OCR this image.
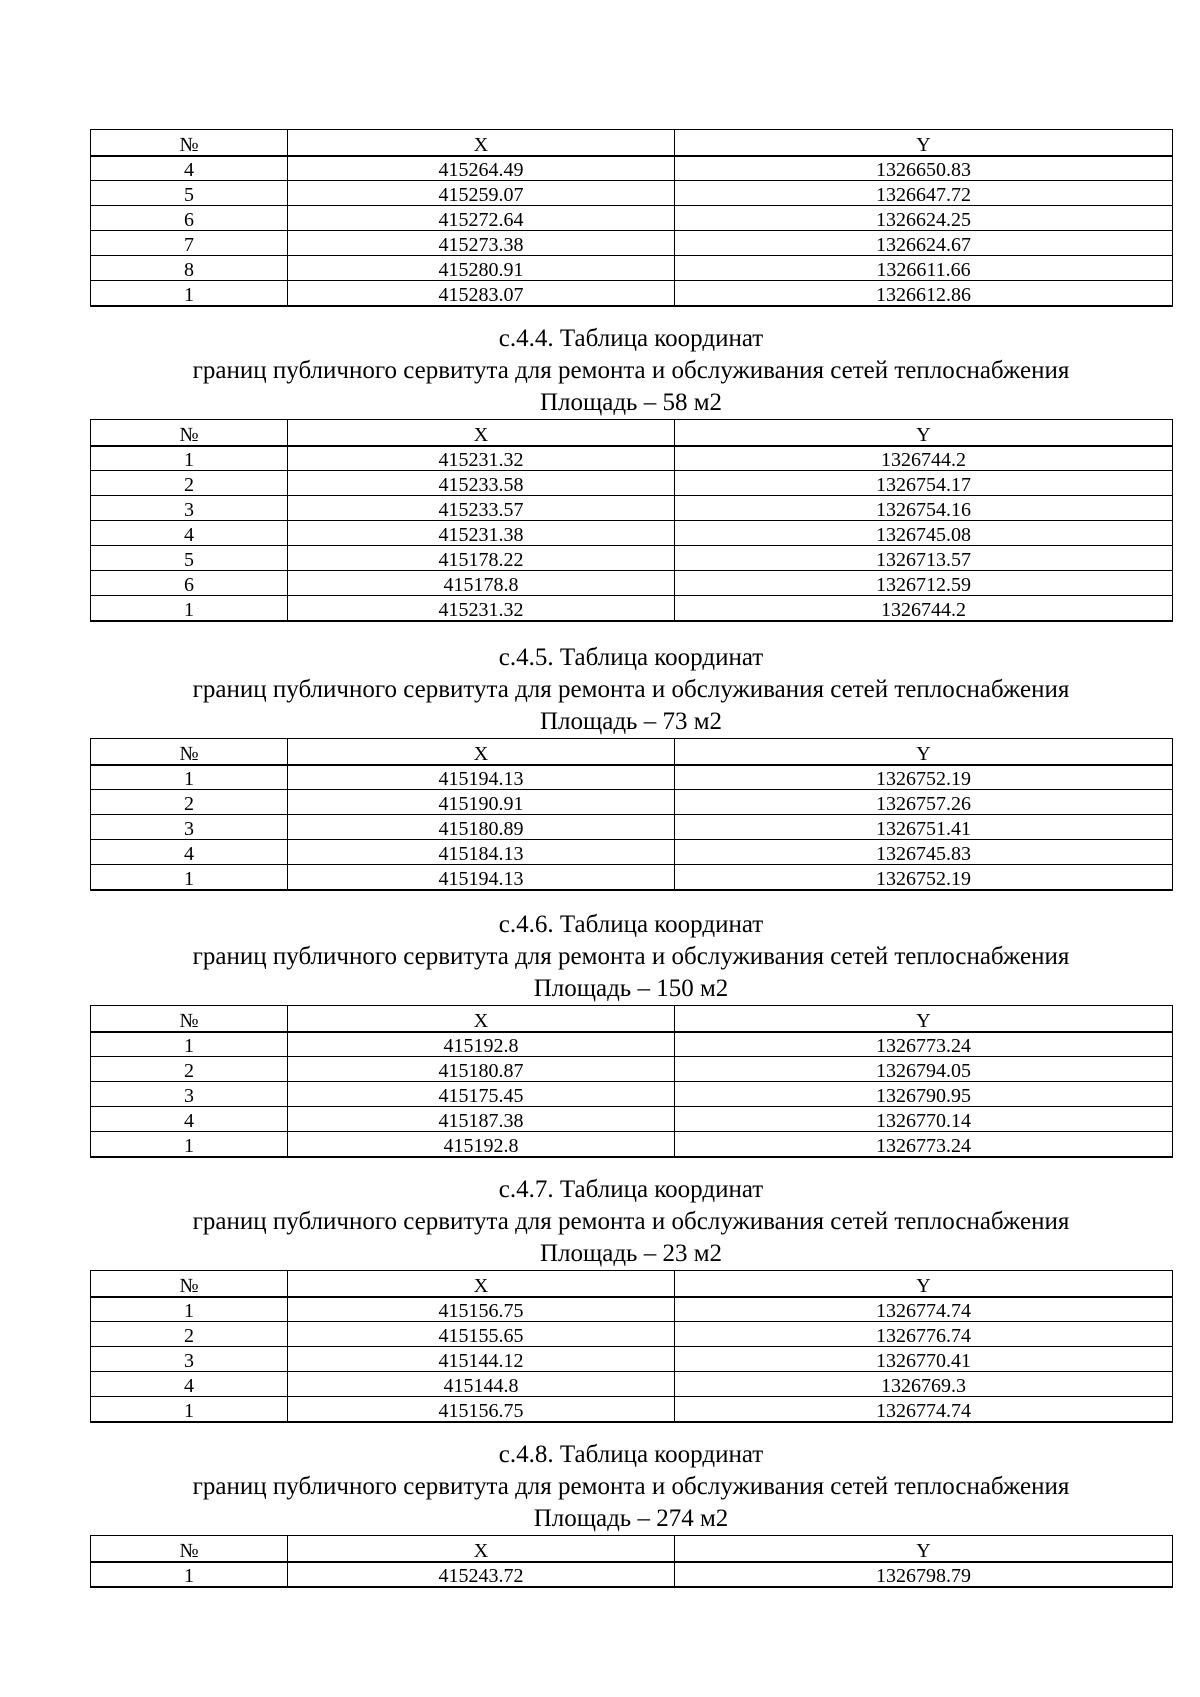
№	X	Y
4	415264.49	1326650.83
5	415259.07	1326647.72
6	415272.64	1326624.25
7	415273.38	1326624.67
8	415280.91	1326611.66
1	415283.07	1326612.86
с.4.4. Таблица координат
границ публичного сервитута для ремонта и обслуживания сетей теплоснабжения
Площадь – 58 м2
№	X	Y
1	415231.32	1326744.2
2	415233.58	1326754.17
3	415233.57	1326754.16
4	415231.38	1326745.08
5	415178.22	1326713.57
6	415178.8	1326712.59
1	415231.32	1326744.2
с.4.5. Таблица координат
границ публичного сервитута для ремонта и обслуживания сетей теплоснабжения
Площадь – 73 м2
№	X	Y
1	415194.13	1326752.19
2	415190.91	1326757.26
3	415180.89	1326751.41
4	415184.13	1326745.83
1	415194.13	1326752.19
с.4.6. Таблица координат
границ публичного сервитута для ремонта и обслуживания сетей теплоснабжения
Площадь – 150 м2
№	X	Y
1	415192.8	1326773.24
2	415180.87	1326794.05
3	415175.45	1326790.95
4	415187.38	1326770.14
1	415192.8	1326773.24
с.4.7. Таблица координат
границ публичного сервитута для ремонта и обслуживания сетей теплоснабжения
Площадь – 23 м2
№	X	Y
1	415156.75	1326774.74
2	415155.65	1326776.74
3	415144.12	1326770.41
4	415144.8	1326769.3
1	415156.75	1326774.74
с.4.8. Таблица координат
границ публичного сервитута для ремонта и обслуживания сетей теплоснабжения
Площадь – 274 м2
№	X	Y
1	415243.72	1326798.79
